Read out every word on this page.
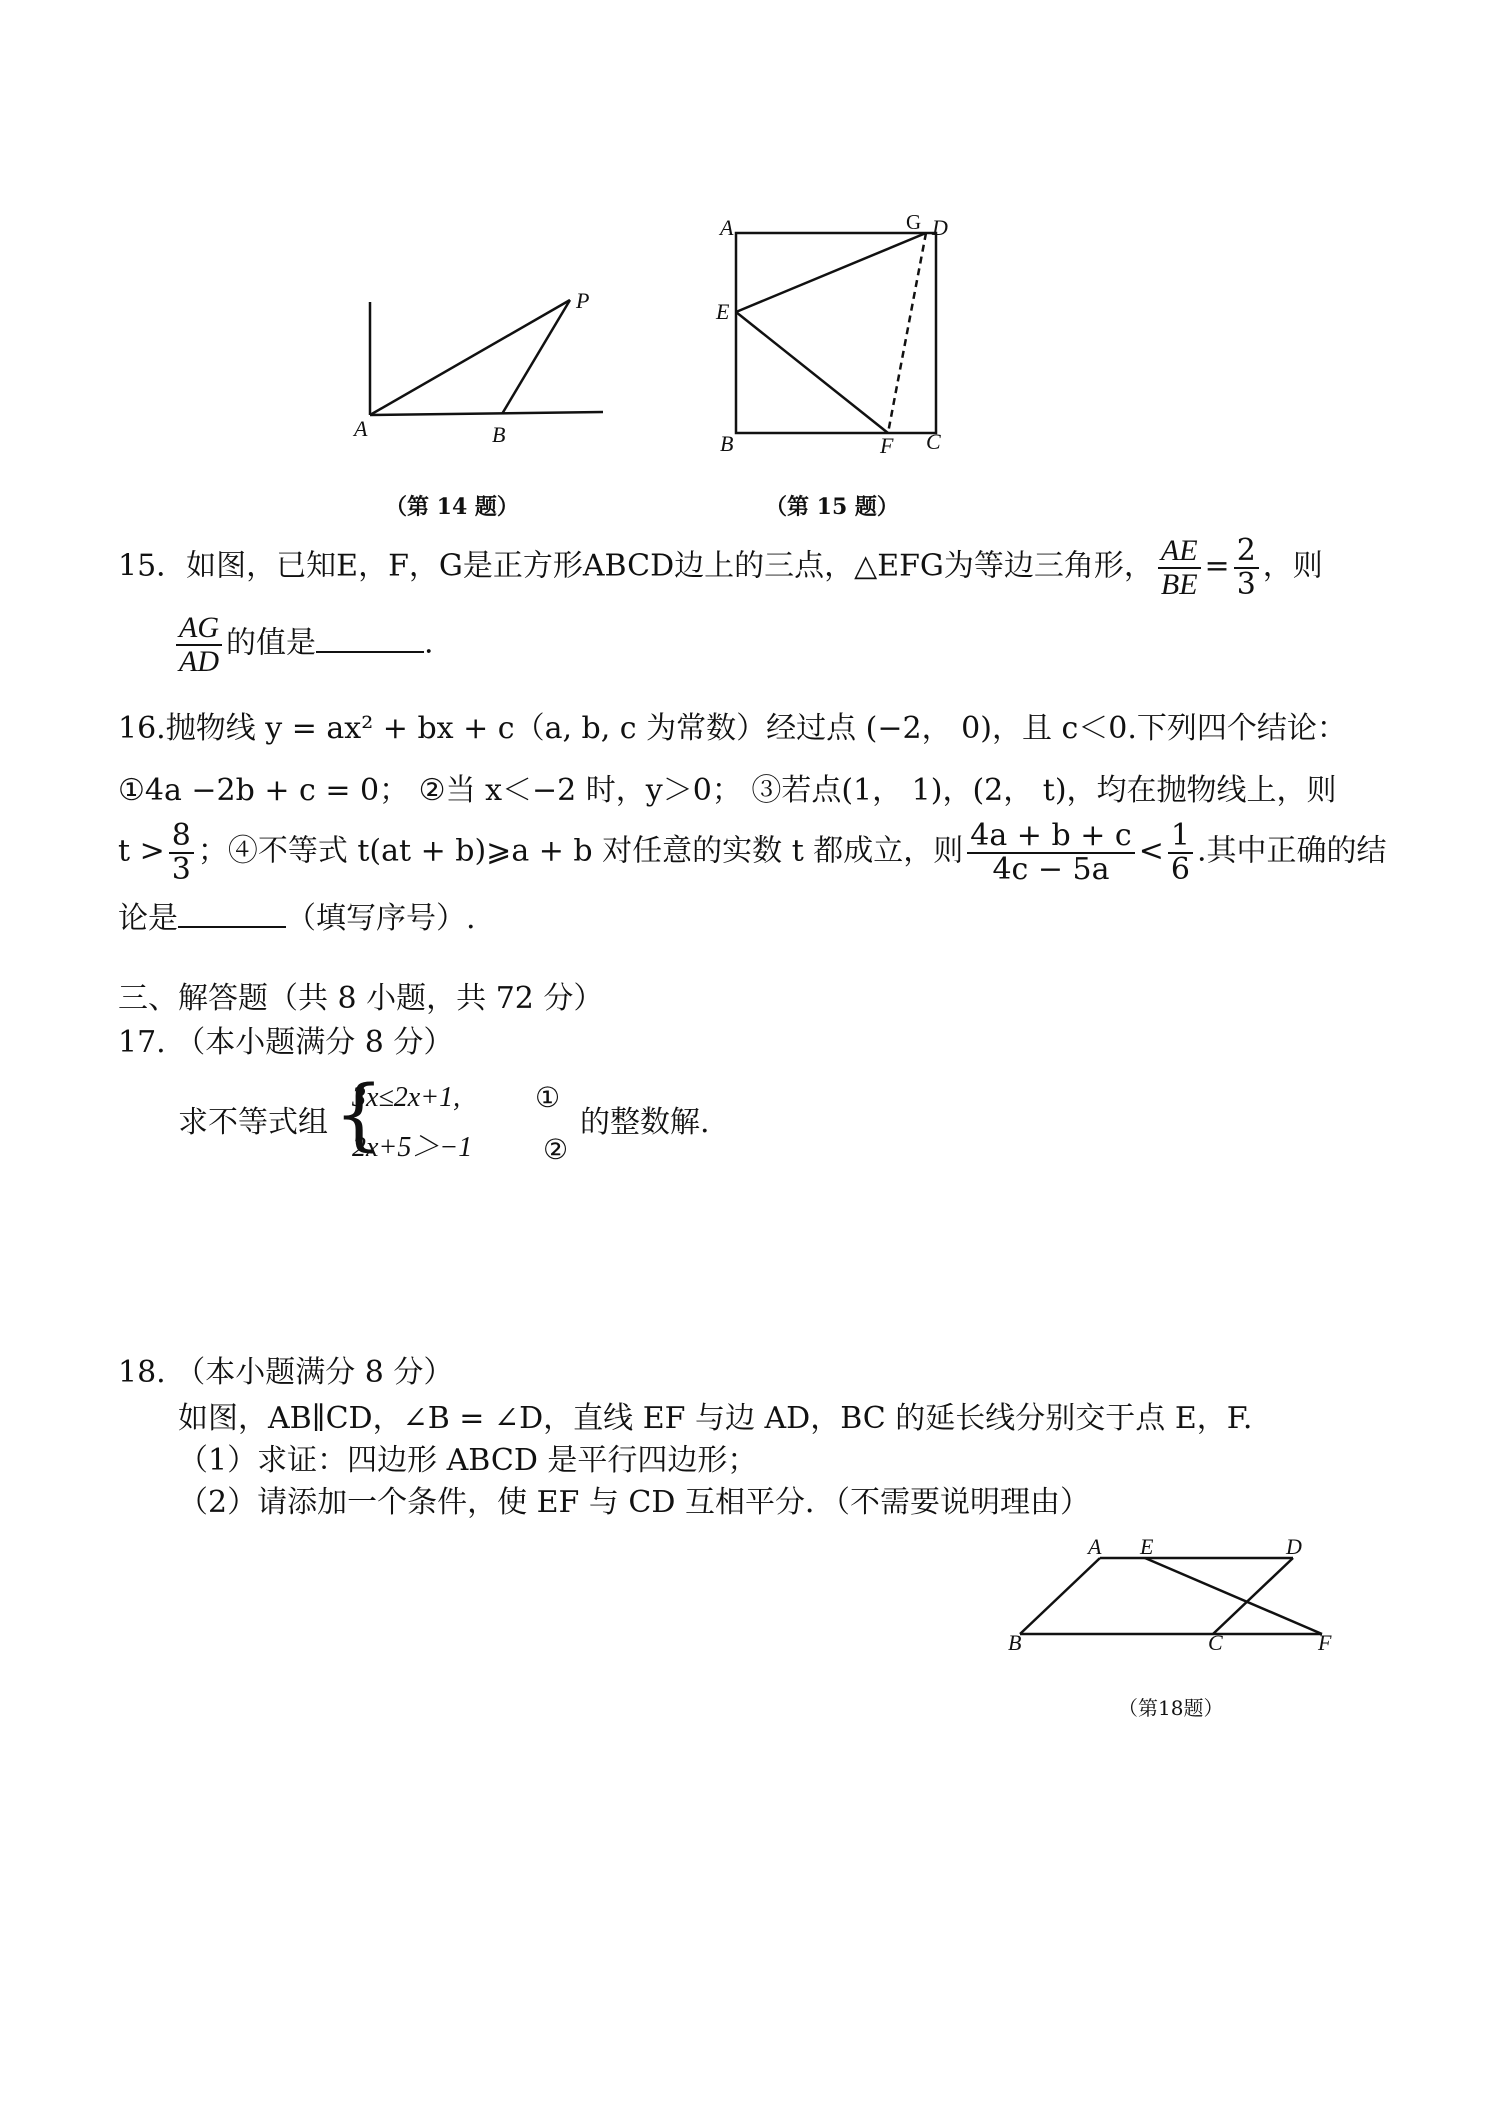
A	B
P
（第 14 题）
A	G D
E
B	F C
（第 15 题）
15．如图，已知E，F，G是正方形ABCD边上的三点，△EFG为等边三角形， $\frac{AE}{BE} = \frac{2}{3}$ ，则
$\frac{AG}{AD}$ 的值是	.
16.抛物线 y = ax² + bx + c（a, b, c 为常数）经过点 (−2， 0)，且 c＜0.下列四个结论：
①4a −2b + c = 0； ②当 x＜−2 时，y＞0； ③若点(1， 1)，(2， t)，均在抛物线上，则
$t > \frac{8}{3}$ ；④不等式 t(at + b)⩾a + b 对任意的实数 t 都成立，则 $\frac{4a + b + c}{4c - 5a} < \frac{1}{6}$ .其中正确的结
论是	（填写序号）.
三、解答题（共 8 小题，共 72 分）
17. （本小题满分 8 分）
求不等式组 {
3x≤2x+1,	①
2x+5＞−1	②
的整数解.
18. （本小题满分 8 分）
如图，AB∥CD，∠B = ∠D，直线 EF 与边 AD，BC 的延长线分别交于点 E，F.
（1）求证：四边形 ABCD 是平行四边形；
（2）请添加一个条件，使 EF 与 CD 互相平分．（不需要说明理由）
A E	D
B	C	F
（第18题）
